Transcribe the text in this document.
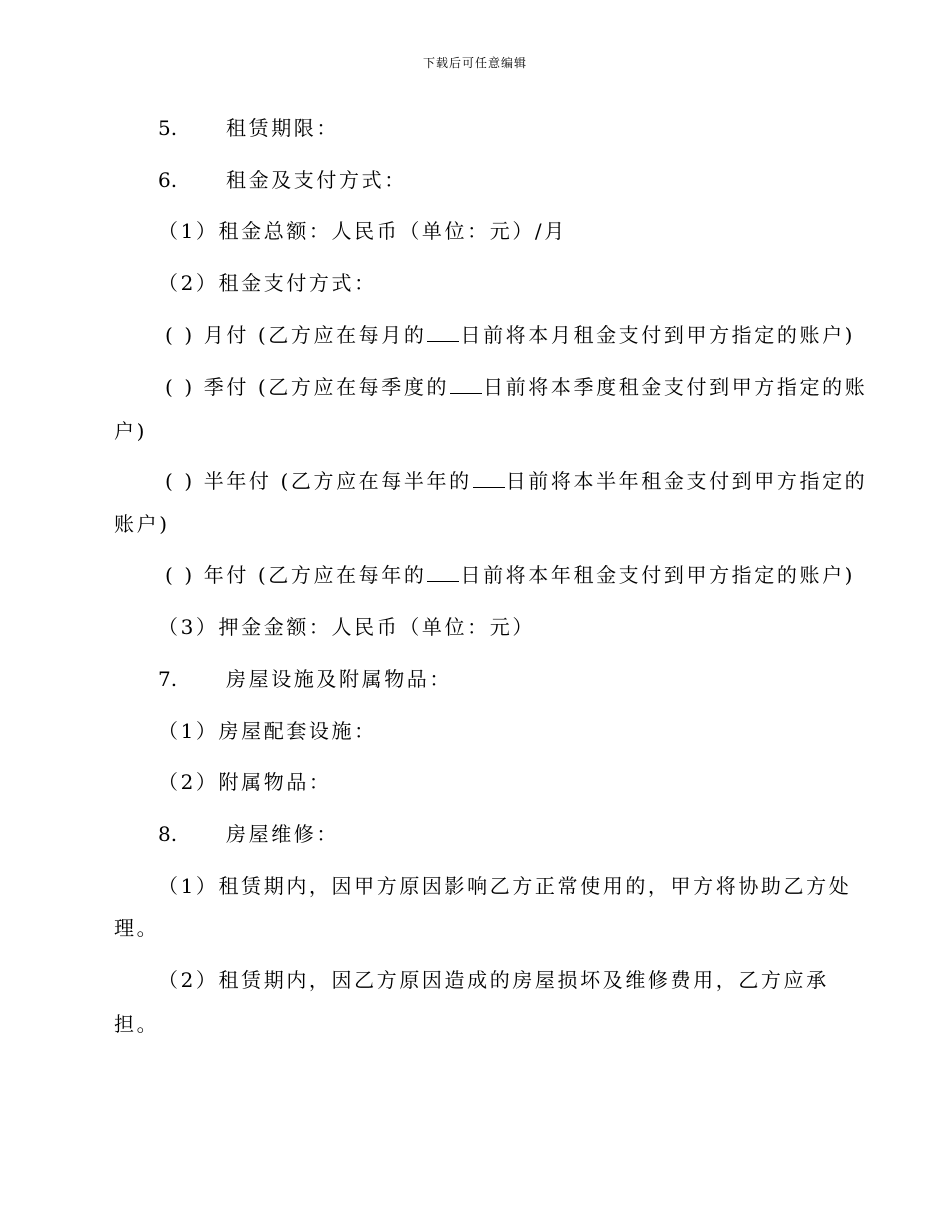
下载后可任意编辑
5. 租赁期限：
6. 租金及支付方式：
（1）租金总额：人民币（单位：元）/月
（2）租金支付方式：
( ) 月付 (乙方应在每月的 日前将本月租金支付到甲方指定的账户)
( ) 季付 (乙方应在每季度的 日前将本季度租金支付到甲方指定的账
户)
( ) 半年付 (乙方应在每半年的 日前将本半年租金支付到甲方指定的
账户)
( ) 年付 (乙方应在每年的 日前将本年租金支付到甲方指定的账户)
（3）押金金额：人民币（单位：元）
7. 房屋设施及附属物品：
（1）房屋配套设施：
（2）附属物品：
8. 房屋维修：
（1）租赁期内，因甲方原因影响乙方正常使用的，甲方将协助乙方处
理。
（2）租赁期内，因乙方原因造成的房屋损坏及维修费用，乙方应承
担。
